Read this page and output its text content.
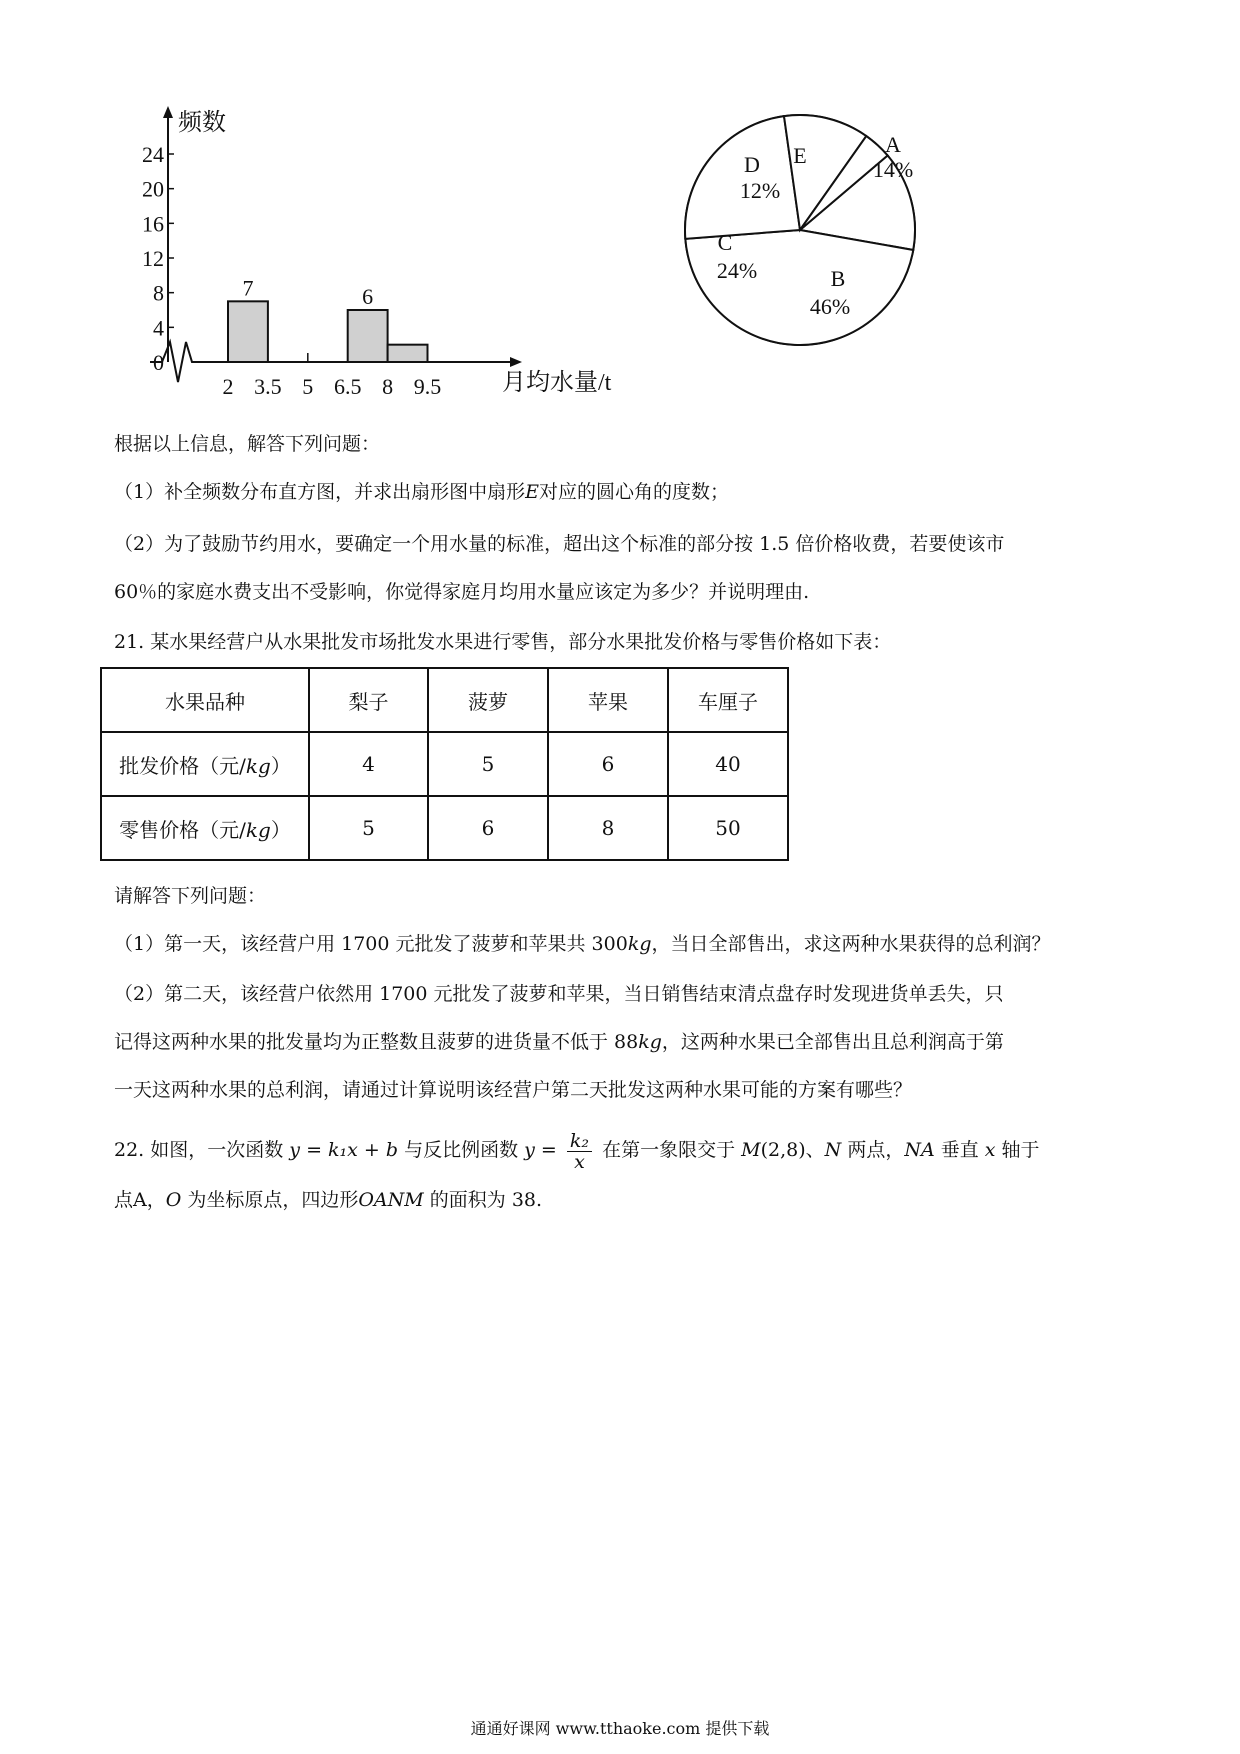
0
4
8
12
16
20
24
2 3.5 5 6.5 8 9.5
7	6
频数
月均水量/t
A
14%
B
46%
C
24%
D
12%
E
根据以上信息，解答下列问题：
（1）补全频数分布直方图，并求出扇形图中扇形E对应的圆心角的度数；
（2）为了鼓励节约用水，要确定一个用水量的标准，超出这个标准的部分按 1.5 倍价格收费，若要使该市
60％的家庭水费支出不受影响，你觉得家庭月均用水量应该定为多少？并说明理由.
21. 某水果经营户从水果批发市场批发水果进行零售，部分水果批发价格与零售价格如下表：
水果品种	梨子	菠萝	苹果	车厘子
批发价格（元/kg）	4	5	6	40
零售价格（元/kg）	5	6	8	50
请解答下列问题：
（1）第一天，该经营户用 1700 元批发了菠萝和苹果共 300kg，当日全部售出，求这两种水果获得的总利润？
（2）第二天，该经营户依然用 1700 元批发了菠萝和苹果，当日销售结束清点盘存时发现进货单丢失，只
记得这两种水果的批发量均为正整数且菠萝的进货量不低于 88kg，这两种水果已全部售出且总利润高于第
一天这两种水果的总利润，请通过计算说明该经营户第二天批发这两种水果可能的方案有哪些？
22. 如图，一次函数 y = k₁x + b 与反比例函数 $y = \frac{\text{k₂}}{x}$ 在第一象限交于 M(2,8)、N 两点，NA 垂直 x 轴于
点A，O 为坐标原点，四边形OANM 的面积为 38.
通通好课网 www.tthaoke.com 提供下载
